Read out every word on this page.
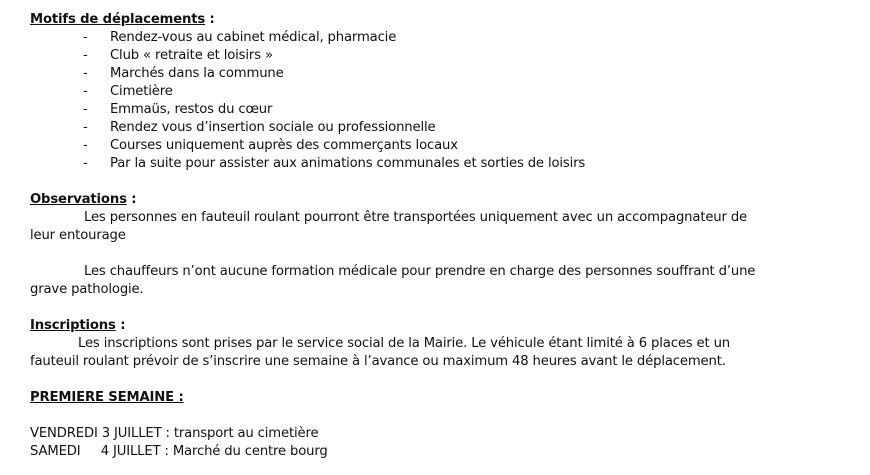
Motifs de déplacements :
- Rendez-vous au cabinet médical, pharmacie
- Club « retraite et loisirs »
- Marchés dans la commune
- Cimetière
- Emmaüs, restos du cœur
- Rendez vous d’insertion sociale ou professionnelle
- Courses uniquement auprès des commerçants locaux
- Par la suite pour assister aux animations communales et sorties de loisirs
Observations :
Les personnes en fauteuil roulant pourront être transportées uniquement avec un accompagnateur de
leur entourage
Les chauffeurs n’ont aucune formation médicale pour prendre en charge des personnes souffrant d’une
grave pathologie.
Inscriptions :
Les inscriptions sont prises par le service social de la Mairie. Le véhicule étant limité à 6 places et un
fauteuil roulant prévoir de s’inscrire une semaine à l’avance ou maximum 48 heures avant le déplacement.
PREMIERE SEMAINE :
VENDREDI 3 JUILLET : transport au cimetière
SAMEDI     4 JUILLET : Marché du centre bourg
